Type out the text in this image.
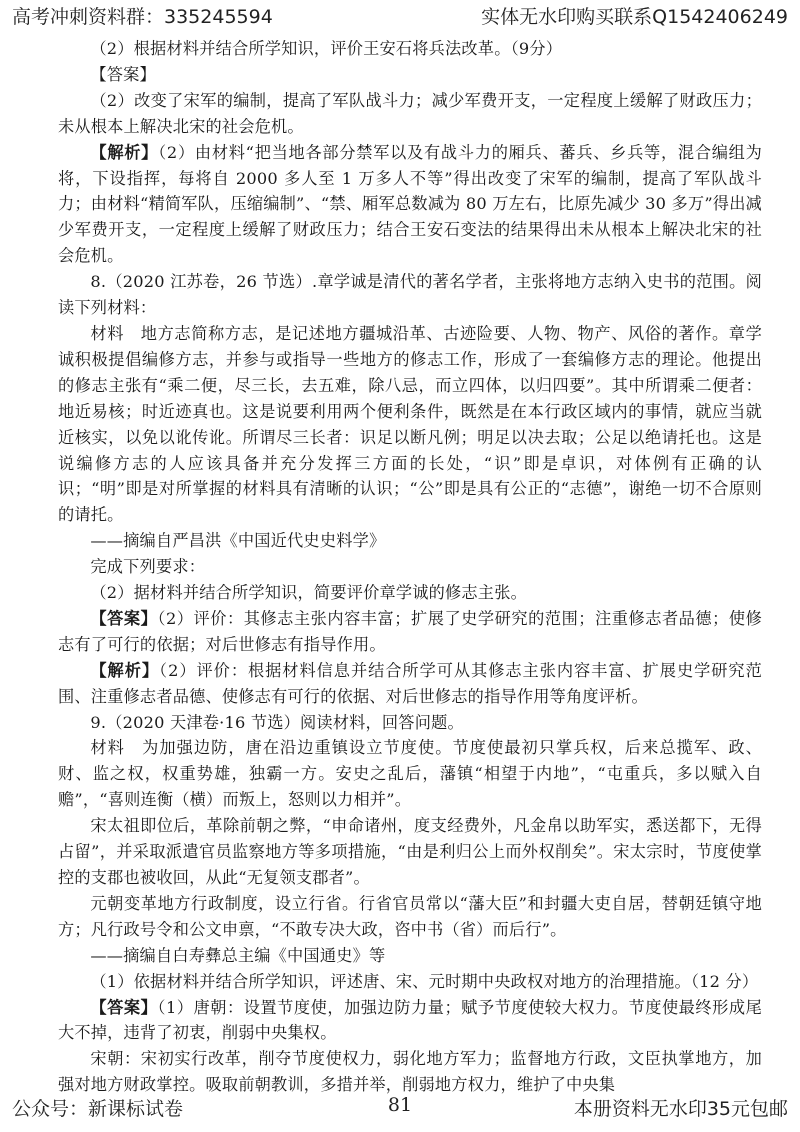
高考冲刺资料群：335245594	实体无水印购买联系Q1542406249

（2）根据材料并结合所学知识，评价王安石将兵法改革。（9分）

【答案】

（2）改变了宋军的编制，提高了军队战斗力；减少军费开支，一定程度上缓解了财政压力；未从根本上解决北宋的社会危机。

【解析】（2）由材料“把当地各部分禁军以及有战斗力的厢兵、蕃兵、乡兵等，混合编组为将，下设指挥，每将自 2000 多人至 1 万多人不等”得出改变了宋军的编制，提高了军队战斗力；由材料“精简军队，压缩编制”、“禁、厢军总数减为 80 万左右，比原先减少 30 多万”得出减少军费开支，一定程度上缓解了财政压力；结合王安石变法的结果得出未从根本上解决北宋的社会危机。

8.（2020 江苏卷，26 节选）.章学诚是清代的著名学者，主张将地方志纳入史书的范围。阅读下列材料：

材料　地方志简称方志，是记述地方疆城沿革、古迹险要、人物、物产、风俗的著作。章学诚积极提倡编修方志，并参与或指导一些地方的修志工作，形成了一套编修方志的理论。他提出的修志主张有“乘二便，尽三长，去五难，除八忌，而立四体，以归四要”。其中所谓乘二便者：地近易核；时近迹真也。这是说要利用两个便利条件，既然是在本行政区域内的事情，就应当就近核实，以免以讹传讹。所谓尽三长者：识足以断凡例；明足以决去取；公足以绝请托也。这是说编修方志的人应该具备并充分发挥三方面的长处，“识”即是卓识，对体例有正确的认识；“明”即是对所掌握的材料具有清晰的认识；“公”即是具有公正的“志德”，谢绝一切不合原则的请托。

——摘编自严昌洪《中国近代史史料学》

完成下列要求：

（2）据材料并结合所学知识，简要评价章学诚的修志主张。

【答案】（2）评价：其修志主张内容丰富；扩展了史学研究的范围；注重修志者品德；使修志有了可行的依据；对后世修志有指导作用。

【解析】（2）评价：根据材料信息并结合所学可从其修志主张内容丰富、扩展史学研究范围、注重修志者品德、使修志有可行的依据、对后世修志的指导作用等角度评析。

9.（2020 天津卷·16 节选）阅读材料，回答问题。

材料　为加强边防，唐在沿边重镇设立节度使。节度使最初只掌兵权，后来总揽军、政、财、监之权，权重势雄，独霸一方。安史之乱后，藩镇“相望于内地”，“屯重兵，多以赋入自赡”，“喜则连衡（横）而叛上，怒则以力相并”。

宋太祖即位后，革除前朝之弊，“申命诸州，度支经费外，凡金帛以助军实，悉送都下，无得占留”，并采取派遣官员监察地方等多项措施，“由是利归公上而外权削矣”。宋太宗时，节度使掌控的支郡也被收回，从此“无复领支郡者”。

元朝变革地方行政制度，设立行省。行省官员常以“藩大臣”和封疆大吏自居，替朝廷镇守地方；凡行政号令和公文申禀，“不敢专决大政，咨中书（省）而后行”。

——摘编自白寿彝总主编《中国通史》等

（1）依据材料并结合所学知识，评述唐、宋、元时期中央政权对地方的治理措施。（12 分）

【答案】（1）唐朝：设置节度使，加强边防力量；赋予节度使较大权力。节度使最终形成尾大不掉，违背了初衷，削弱中央集权。

宋朝：宋初实行改革，削夺节度使权力，弱化地方军力；监督地方行政，文臣执掌地方，加强对地方财政掌控。吸取前朝教训，多措并举，削弱地方权力，维护了中央集

公众号：新课标试卷	81	本册资料无水印35元包邮
